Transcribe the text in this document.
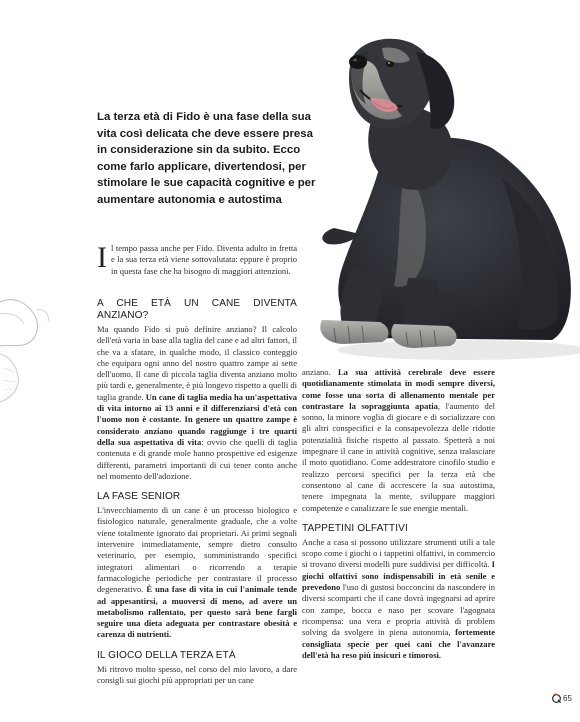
La terza età di Fido è una fase della sua vita così delicata che deve essere presa in considerazione sin da subito. Ecco come farlo applicare, divertendosi, per stimolare le sue capacità cognitive e per aumentare autonomia e autostima

Il tempo passa anche per Fido. Diventa adulto in fretta e la sua terza età viene sottovalutata: eppure è proprio in questa fase che ha bisogno di maggiori attenzioni.

A CHE ETÀ UN CANE DIVENTA ANZIANO?

Ma quando Fido si può definire anziano? Il calcolo dell'età varia in base alla taglia del cane e ad altri fattori, il che va a sfatare, in qualche modo, il classico conteggio che equipara ogni anno del nostro quattro zampe ai sette dell'uomo. Il cane di piccola taglia diventa anziano molto più tardi e, generalmente, è più longevo rispetto a quelli di taglia grande. Un cane di taglia media ha un'aspettativa di vita intorno ai 13 anni e il differenziarsi d'età con l'uomo non è costante. In genere un quattro zampe è considerato anziano quando raggiunge i tre quarti della sua aspettativa di vita: ovvio che quelli di taglia contenuta e di grande mole hanno prospettive ed esigenze differenti, parametri importanti di cui tener conto anche nel momento dell'adozione.

LA FASE SENIOR

L'invecchiamento di un cane è un processo biologico e fisiologico naturale, generalmente graduale, che a volte viene totalmente ignorato dai proprietari. Ai primi segnali intervenire immediatamente, sempre dietro consulto veterinario, per esempio, somministrando specifici integratori alimentari o ricorrendo a terapie farmacologiche periodiche per contrastare il processo degenerativo. È una fase di vita in cui l'animale tende ad appesantirsi, a muoversi di meno, ad avere un metabolismo rallentato, per questo sarà bene fargli seguire una dieta adeguata per contrastare obesità e carenza di nutrienti.

IL GIOCO DELLA TERZA ETÀ

Mi ritrovo molto spesso, nel corso del mio lavoro, a dare consigli sui giochi più appropriati per un cane

anziano. La sua attività cerebrale deve essere quotidianamente stimolata in modi sempre diversi, come fosse una sorta di allenamento mentale per contrastare la sopraggiunta apatia, l'aumento del sonno, la minore voglia di giocare e di socializzare con gli altri conspecifici e la consapevolezza delle ridotte potenzialità fisiche rispetto al passato. Spetterà a noi impegnare il cane in attività cognitive, senza tralasciare il moto quotidiano. Come addestratore cinofilo studio e realizzo percorsi specifici per la terza età che consentono al cane di accrescere la sua autostima, tenere impegnata la mente, sviluppare maggiori competenze e canalizzare le sue energie mentali.

TAPPETINI OLFATTIVI

Anche a casa si possono utilizzare strumenti utili a tale scopo come i giochi o i tappetini olfattivi, in commercio si trovano diversi modelli pure suddivisi per difficoltà. I giochi olfattivi sono indispensabili in età senile e prevedono l'uso di gustosi bocconcini da nascondere in diversi scomparti che il cane dovrà ingegnarsi ad aprire con zampe, bocca e naso per scovare l'agognata ricompensa: una vera e propria attività di problem solving da svolgere in piena autonomia, fortemente consigliata specie per quei cani che l'avanzare dell'età ha reso più insicuri e timorosi.

65
